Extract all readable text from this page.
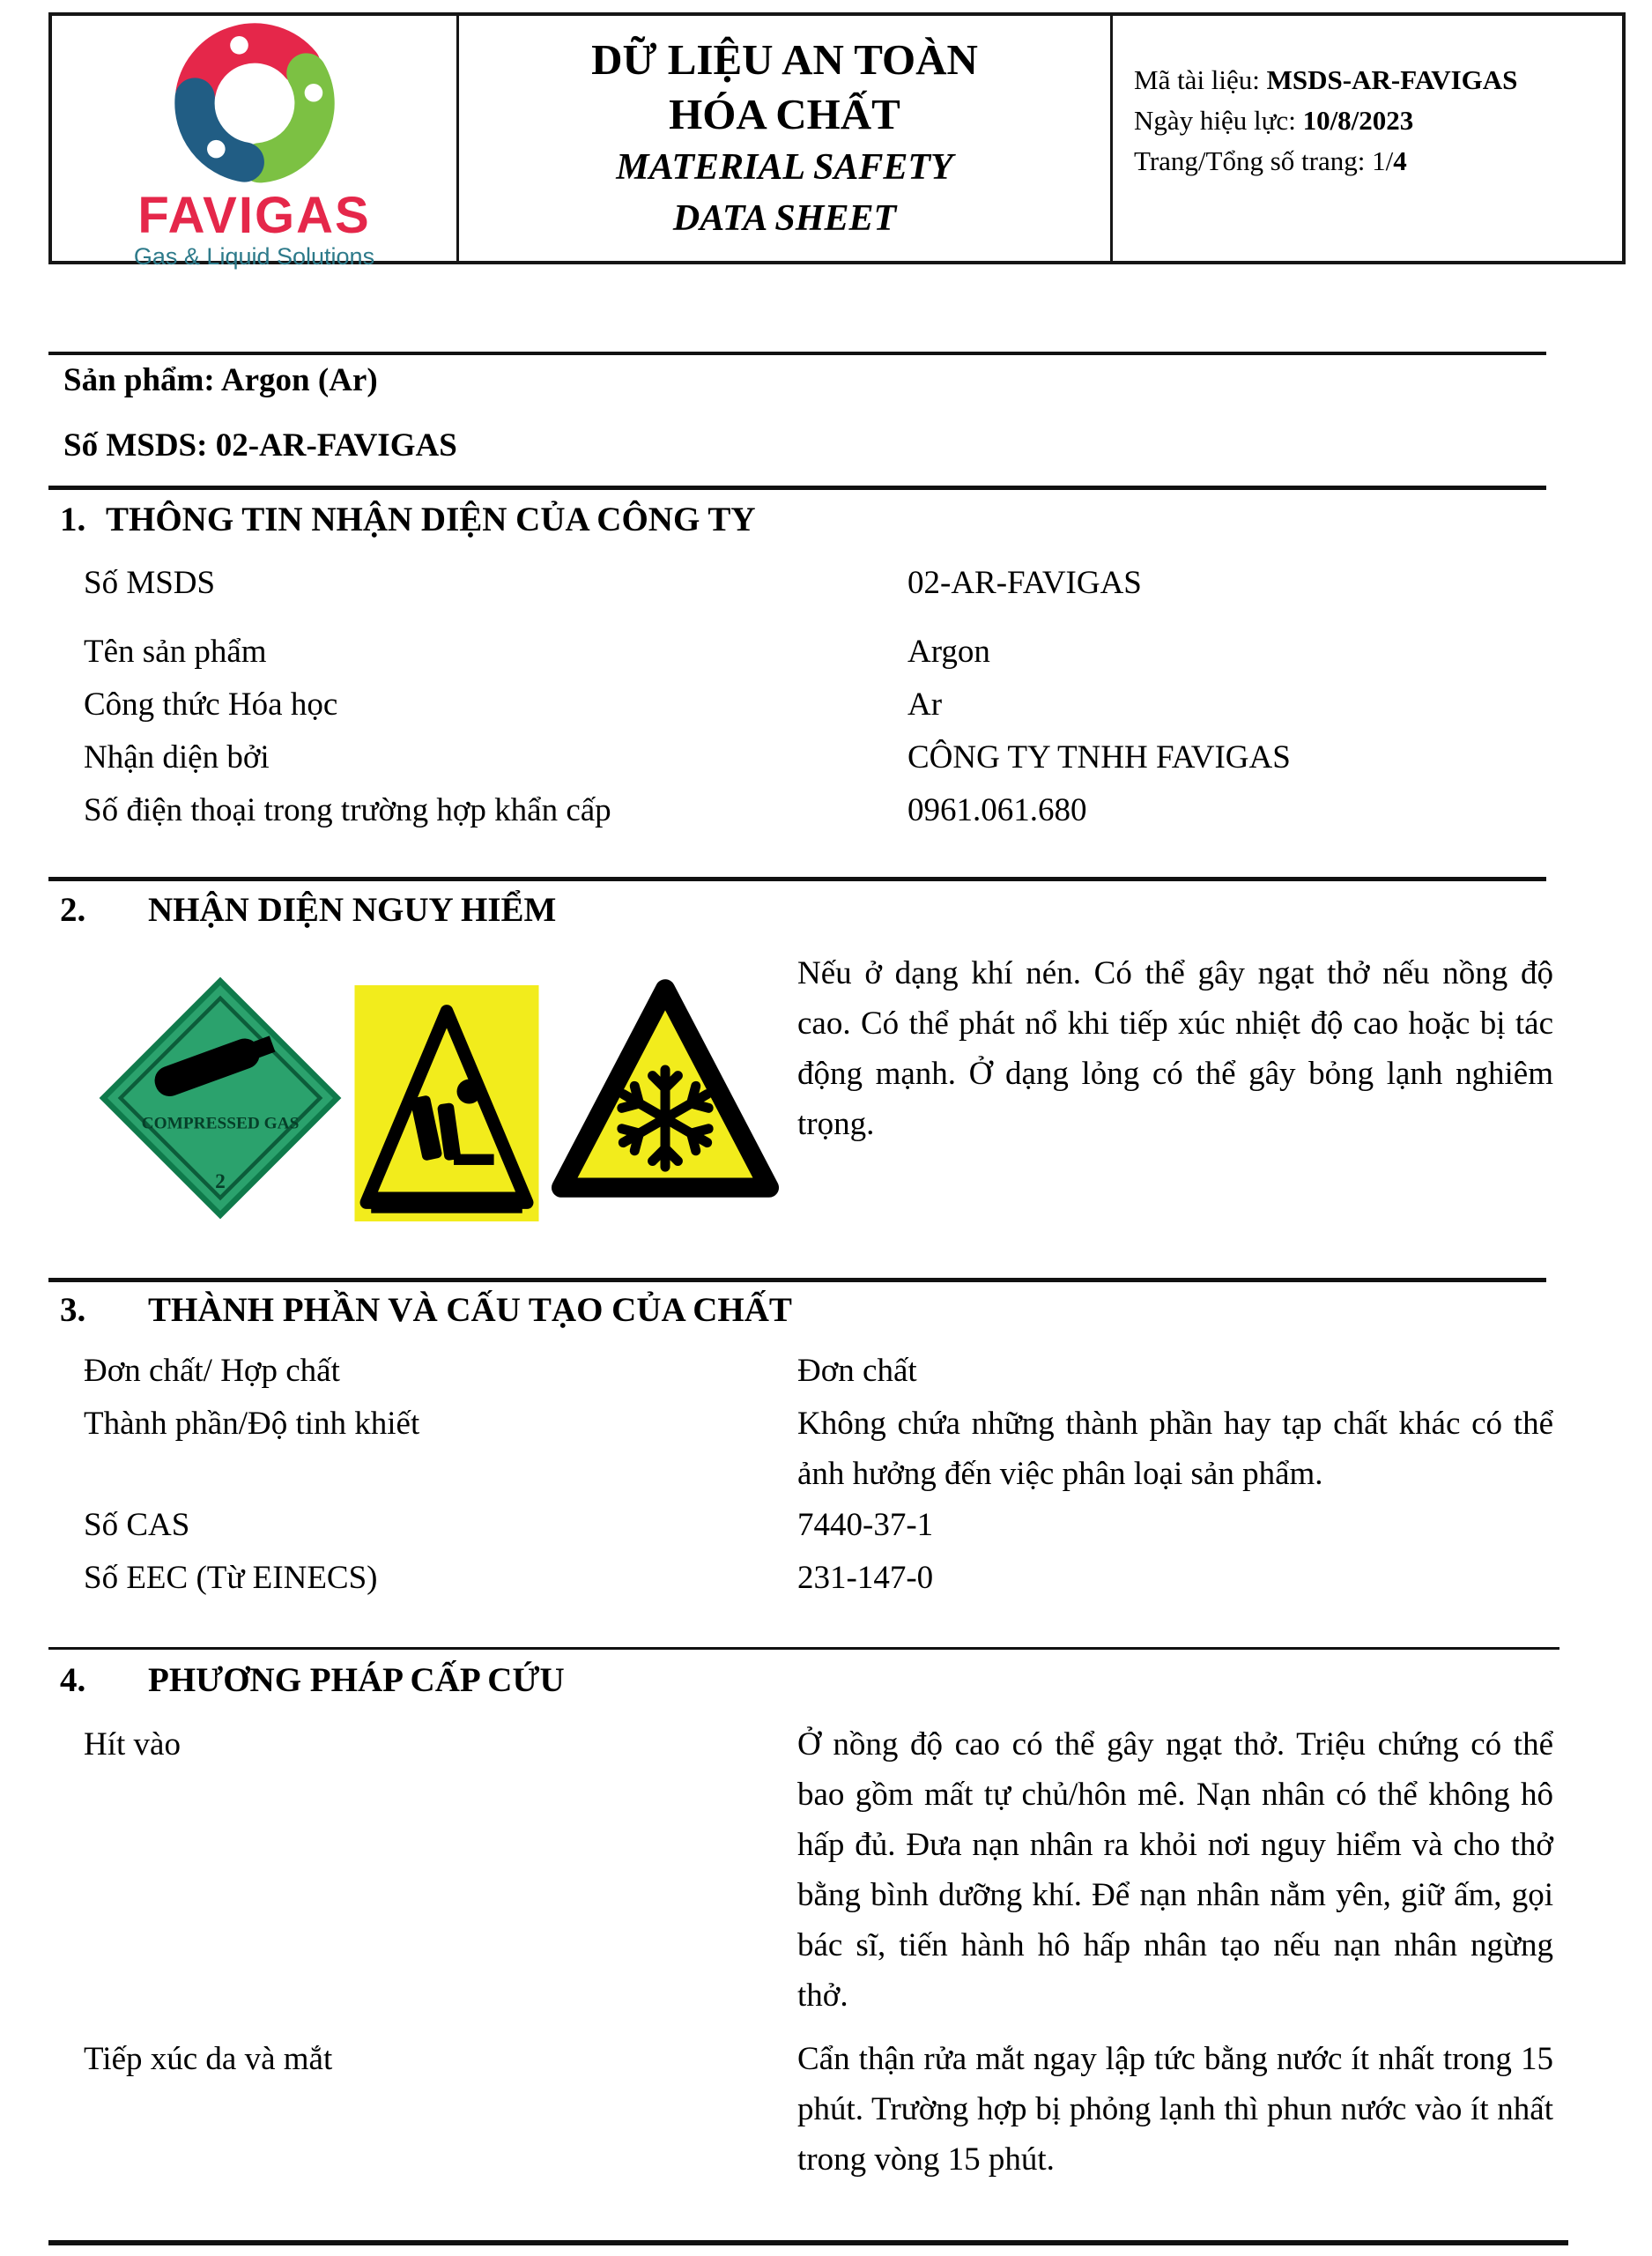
FAVIGAS
Gas & Liquid Solutions
DỮ LIỆU AN TOÀN
HÓA CHẤT
MATERIAL SAFETY
DATA SHEET
Mã tài liệu: MSDS-AR-FAVIGAS
Ngày hiệu lực: 10/8/2023
Trang/Tổng số trang: 1/4
Sản phẩm: Argon (Ar)
Số MSDS: 02-AR-FAVIGAS
1. THÔNG TIN NHẬN DIỆN CỦA CÔNG TY
Số MSDS	02-AR-FAVIGAS
Tên sản phẩm	Argon
Công thức Hóa học	Ar
Nhận diện bởi	CÔNG TY TNHH FAVIGAS
Số điện thoại trong trường hợp khẩn cấp	0961.061.680
2. NHẬN DIỆN NGUY HIỂM
COMPRESSED GAS
2
Nếu ở dạng khí nén. Có thể gây ngạt thở nếu nồng độ cao. Có thể phát nổ khi tiếp xúc nhiệt độ cao hoặc bị tác động mạnh. Ở dạng lỏng có thể gây bỏng lạnh nghiêm trọng.
3. THÀNH PHẦN VÀ CẤU TẠO CỦA CHẤT
Đơn chất/ Hợp chất	Đơn chất
Thành phần/Độ tinh khiết	Không chứa những thành phần hay tạp chất khác có thể ảnh hưởng đến việc phân loại sản phẩm.
Số CAS	7440-37-1
Số EEC (Từ EINECS)	231-147-0
4. PHƯƠNG PHÁP CẤP CỨU
Hít vào	Ở nồng độ cao có thể gây ngạt thở. Triệu chứng có thể bao gồm mất tự chủ/hôn mê. Nạn nhân có thể không hô hấp đủ. Đưa nạn nhân ra khỏi nơi nguy hiểm và cho thở bằng bình dưỡng khí. Để nạn nhân nằm yên, giữ ấm, gọi bác sĩ, tiến hành hô hấp nhân tạo nếu nạn nhân ngừng thở.
Tiếp xúc da và mắt	Cẩn thận rửa mắt ngay lập tức bằng nước ít nhất trong 15 phút. Trường hợp bị phỏng lạnh thì phun nước vào ít nhất trong vòng 15 phút.
